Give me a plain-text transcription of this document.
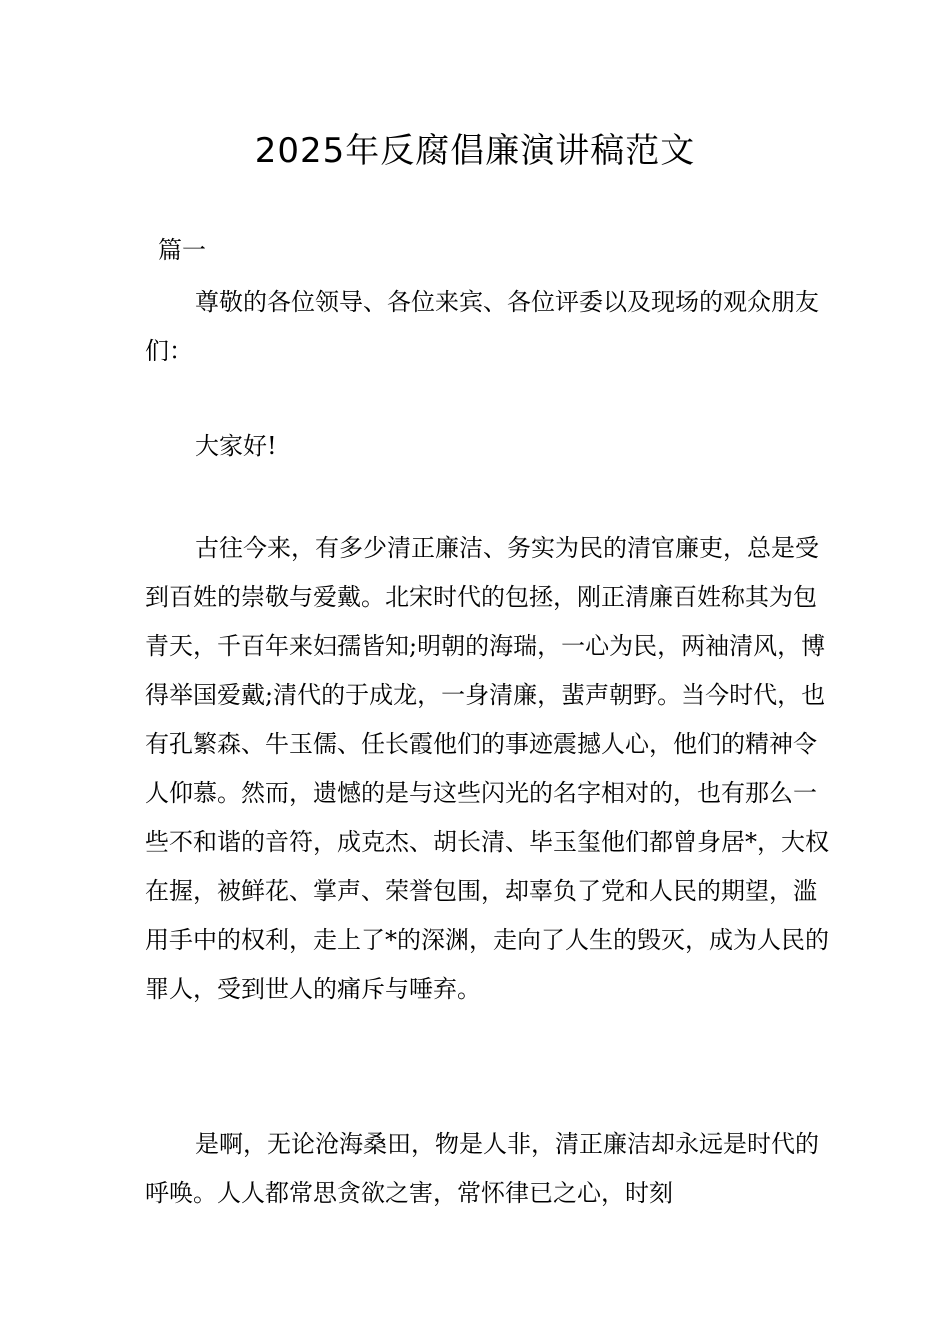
2025年反腐倡廉演讲稿范文
篇一

尊敬的各位领导、各位来宾、各位评委以及现场的观众朋友们：

大家好!

古往今来，有多少清正廉洁、务实为民的清官廉吏，总是受到百姓的崇敬与爱戴。北宋时代的包拯，刚正清廉百姓称其为包青天，千百年来妇孺皆知;明朝的海瑞，一心为民，两袖清风，博得举国爱戴;清代的于成龙，一身清廉，蜚声朝野。当今时代，也有孔繁森、牛玉儒、任长霞他们的事迹震撼人心，他们的精神令人仰慕。然而，遗憾的是与这些闪光的名字相对的，也有那么一些不和谐的音符，成克杰、胡长清、毕玉玺他们都曾身居*，大权在握，被鲜花、掌声、荣誉包围，却辜负了党和人民的期望，滥用手中的权利，走上了*的深渊，走向了人生的毁灭，成为人民的罪人，受到世人的痛斥与唾弃。

是啊，无论沧海桑田，物是人非，清正廉洁却永远是时代的呼唤。人人都常思贪欲之害，常怀律已之心，时刻
